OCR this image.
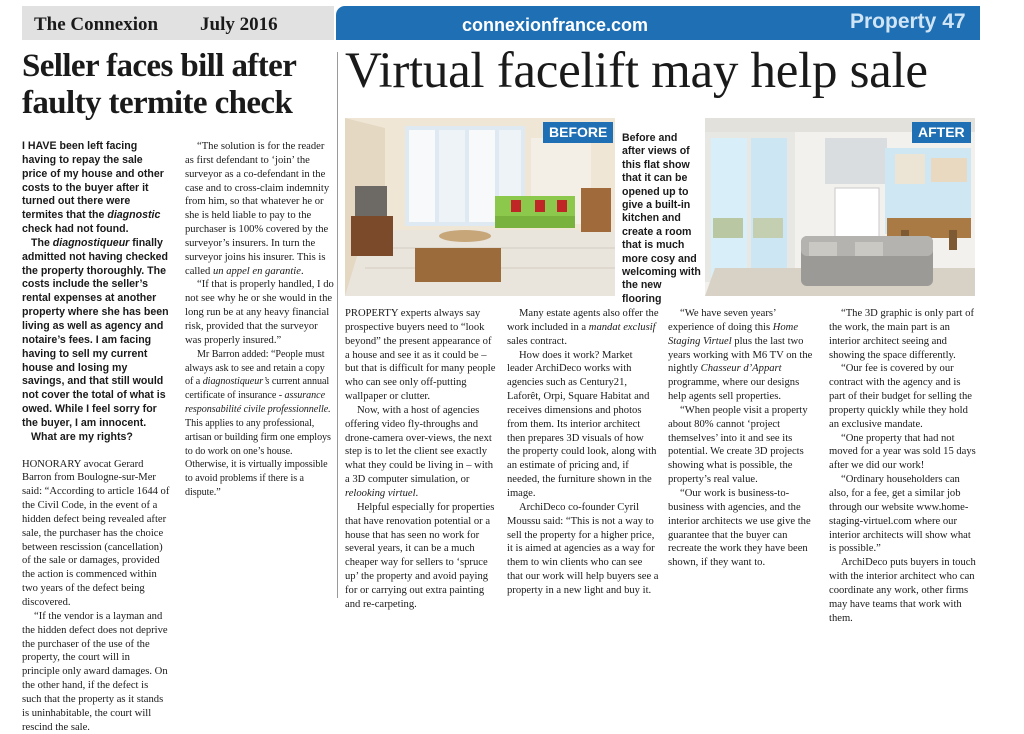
The Connexion July 2016	connexionfrance.com	Property 47
Seller faces bill after faulty termite check

I HAVE been left facing having to repay the sale price of my house and other costs to the buyer after it turned out there were termites that the diagnostic check had not found.

The diagnostiqueur finally admitted not having checked the property thoroughly. The costs include the seller’s rental expenses at another property where she has been living as well as agency and notaire’s fees. I am facing having to sell my current house and losing my savings, and that still would not cover the total of what is owed. While I feel sorry for the buyer, I am innocent.

What are my rights?

HONORARY avocat Gerard Barron from Boulogne-sur-Mer said: “According to article 1644 of the Civil Code, in the event of a hidden defect being revealed after sale, the purchaser has the choice between rescission (cancellation) of the sale or damages, provided the action is commenced within two years of the defect being discovered.

“If the vendor is a layman and the hidden defect does not deprive the purchaser of the use of the property, the court will in principle only award damages. On the other hand, if the defect is such that the property as it stands is uninhabitable, the court will rescind the sale.

“The solution is for the reader as first defendant to ‘join’ the surveyor as a co-defendant in the case and to cross-claim indemnity from him, so that whatever he or she is held liable to pay to the purchaser is 100% covered by the surveyor’s insurers. In turn the surveyor joins his insurer. This is called un appel en garantie.

“If that is properly handled, I do not see why he or she would in the long run be at any heavy financial risk, provided that the surveyor was properly insured.”

Mr Barron added: “People must always ask to see and retain a copy of a diagnostiqueur’s current annual certificate of insurance - assurance responsabilité civile professionnelle. This applies to any professional, artisan or building firm one employs to do work on one’s house. Otherwise, it is virtually impossible to avoid problems if there is a dispute.”

Virtual facelift may help sale
BEFORE	Before and after views of this flat show that it can be opened up to give a built-in kitchen and create a room that is much more cosy and welcoming with the new flooring
AFTER

PROPERTY experts always say prospective buyers need to “look beyond” the present appearance of a house and see it as it could be – but that is difficult for many people who can see only off-putting wallpaper or clutter.

Now, with a host of agencies offering video fly-throughs and drone-camera over-views, the next step is to let the client see exactly what they could be living in – with a 3D computer simulation, or relooking virtuel.

Helpful especially for properties that have renovation potential or a house that has seen no work for several years, it can be a much cheaper way for sellers to ‘spruce up’ the property and avoid paying for or carrying out extra painting and re-carpeting.

Many estate agents also offer the work included in a mandat exclusif sales contract.

How does it work? Market leader ArchiDeco works with agencies such as Century21, Laforêt, Orpi, Square Habitat and receives dimensions and photos from them. Its interior architect then prepares 3D visuals of how the property could look, along with an estimate of pricing and, if needed, the furniture shown in the image.

ArchiDeco co-founder Cyril Moussu said: “This is not a way to sell the property for a higher price, it is aimed at agencies as a way for them to win clients who can see that our work will help buyers see a property in a new light and buy it.

“We have seven years’ experience of doing this Home Staging Virtuel plus the last two years working with M6 TV on the nightly Chasseur d’Appart programme, where our designs help agents sell properties.

“When people visit a property about 80% cannot ‘project themselves’ into it and see its potential. We create 3D projects showing what is possible, the property’s real value.

“Our work is business-to-business with agencies, and the interior architects we use give the guarantee that the buyer can recreate the work they have been shown, if they want to.

“The 3D graphic is only part of the work, the main part is an interior architect seeing and showing the space differently.

“Our fee is covered by our contract with the agency and is part of their budget for selling the property quickly while they hold an exclusive mandate.

“One property that had not moved for a year was sold 15 days after we did our work!

“Ordinary householders can also, for a fee, get a similar job through our website www.home-staging-virtuel.com where our interior architects will show what is possible.”

ArchiDeco puts buyers in touch with the interior architect who can coordinate any work, other firms may have teams that work with them.
